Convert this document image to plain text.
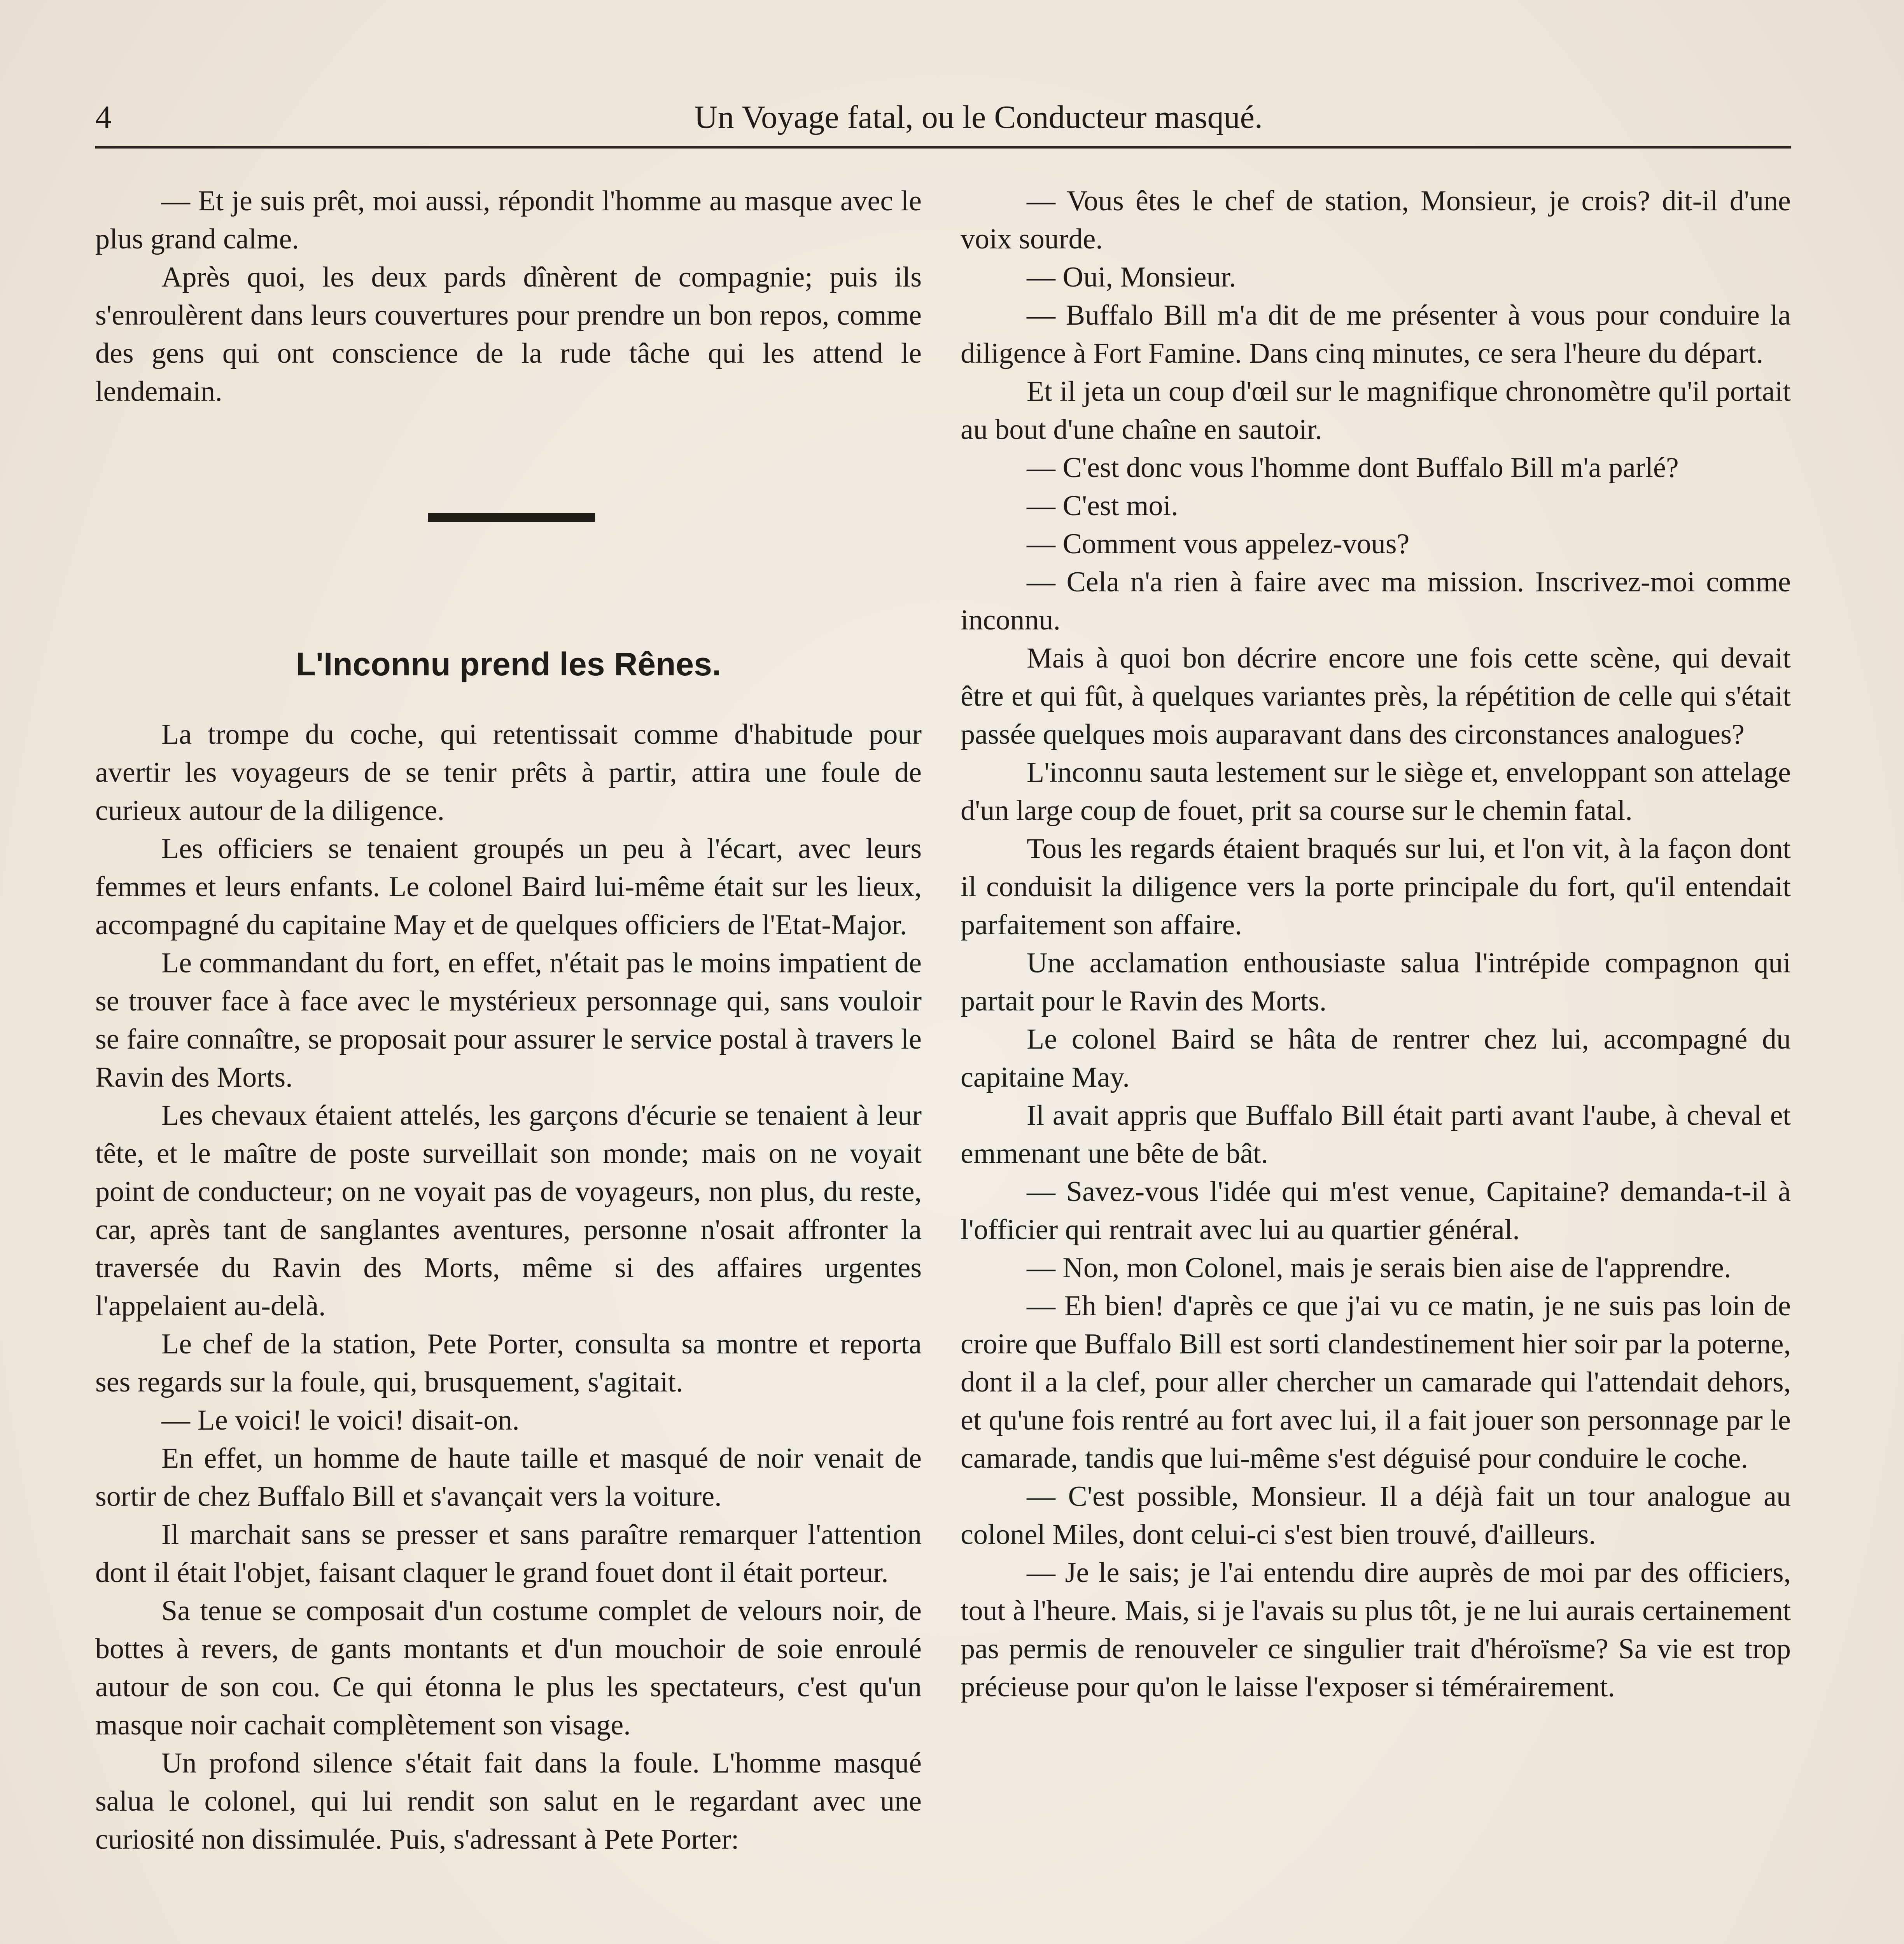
4	Un Voyage fatal, ou le Conducteur masqué.

— Et je suis prêt, moi aussi, répondit l'homme au masque avec le plus grand calme.

Après quoi, les deux pards dînèrent de compagnie; puis ils s'enroulèrent dans leurs couvertures pour prendre un bon repos, comme des gens qui ont conscience de la rude tâche qui les attend le lendemain.

L'Inconnu prend les Rênes.

La trompe du coche, qui retentissait comme d'habitude pour avertir les voyageurs de se tenir prêts à partir, attira une foule de curieux autour de la diligence.

Les officiers se tenaient groupés un peu à l'écart, avec leurs femmes et leurs enfants. Le colonel Baird lui-même était sur les lieux, accompagné du capitaine May et de quelques officiers de l'Etat-Major.

Le commandant du fort, en effet, n'était pas le moins impatient de se trouver face à face avec le mystérieux personnage qui, sans vouloir se faire connaître, se proposait pour assurer le service postal à travers le Ravin des Morts.

Les chevaux étaient attelés, les garçons d'écurie se tenaient à leur tête, et le maître de poste surveillait son monde; mais on ne voyait point de conducteur; on ne voyait pas de voyageurs, non plus, du reste, car, après tant de sanglantes aventures, personne n'osait affronter la traversée du Ravin des Morts, même si des affaires urgentes l'appelaient au-delà.

Le chef de la station, Pete Porter, consulta sa montre et reporta ses regards sur la foule, qui, brusquement, s'agitait.

— Le voici! le voici! disait-on.

En effet, un homme de haute taille et masqué de noir venait de sortir de chez Buffalo Bill et s'avançait vers la voiture.

Il marchait sans se presser et sans paraître remarquer l'attention dont il était l'objet, faisant claquer le grand fouet dont il était porteur.

Sa tenue se composait d'un costume complet de velours noir, de bottes à revers, de gants montants et d'un mouchoir de soie enroulé autour de son cou. Ce qui étonna le plus les spectateurs, c'est qu'un masque noir cachait complètement son visage.

Un profond silence s'était fait dans la foule. L'homme masqué salua le colonel, qui lui rendit son salut en le regardant avec une curiosité non dissimulée. Puis, s'adressant à Pete Porter:

— Vous êtes le chef de station, Monsieur, je crois? dit-il d'une voix sourde.

— Oui, Monsieur.

— Buffalo Bill m'a dit de me présenter à vous pour conduire la diligence à Fort Famine. Dans cinq minutes, ce sera l'heure du départ.

Et il jeta un coup d'œil sur le magnifique chronomètre qu'il portait au bout d'une chaîne en sautoir.

— C'est donc vous l'homme dont Buffalo Bill m'a parlé?

— C'est moi.

— Comment vous appelez-vous?

— Cela n'a rien à faire avec ma mission. Inscrivez-moi comme inconnu.

Mais à quoi bon décrire encore une fois cette scène, qui devait être et qui fût, à quelques variantes près, la répétition de celle qui s'était passée quelques mois auparavant dans des circonstances analogues?

L'inconnu sauta lestement sur le siège et, enveloppant son attelage d'un large coup de fouet, prit sa course sur le chemin fatal.

Tous les regards étaient braqués sur lui, et l'on vit, à la façon dont il conduisit la diligence vers la porte principale du fort, qu'il entendait parfaitement son affaire.

Une acclamation enthousiaste salua l'intrépide compagnon qui partait pour le Ravin des Morts.

Le colonel Baird se hâta de rentrer chez lui, accompagné du capitaine May.

Il avait appris que Buffalo Bill était parti avant l'aube, à cheval et emmenant une bête de bât.

— Savez-vous l'idée qui m'est venue, Capitaine? demanda-t-il à l'officier qui rentrait avec lui au quartier général.

— Non, mon Colonel, mais je serais bien aise de l'apprendre.

— Eh bien! d'après ce que j'ai vu ce matin, je ne suis pas loin de croire que Buffalo Bill est sorti clandestinement hier soir par la poterne, dont il a la clef, pour aller chercher un camarade qui l'attendait dehors, et qu'une fois rentré au fort avec lui, il a fait jouer son personnage par le camarade, tandis que lui-même s'est déguisé pour conduire le coche.

— C'est possible, Monsieur. Il a déjà fait un tour analogue au colonel Miles, dont celui-ci s'est bien trouvé, d'ailleurs.

— Je le sais; je l'ai entendu dire auprès de moi par des officiers, tout à l'heure. Mais, si je l'avais su plus tôt, je ne lui aurais certainement pas permis de renouveler ce singulier trait d'héroïsme? Sa vie est trop précieuse pour qu'on le laisse l'exposer si témérairement.
